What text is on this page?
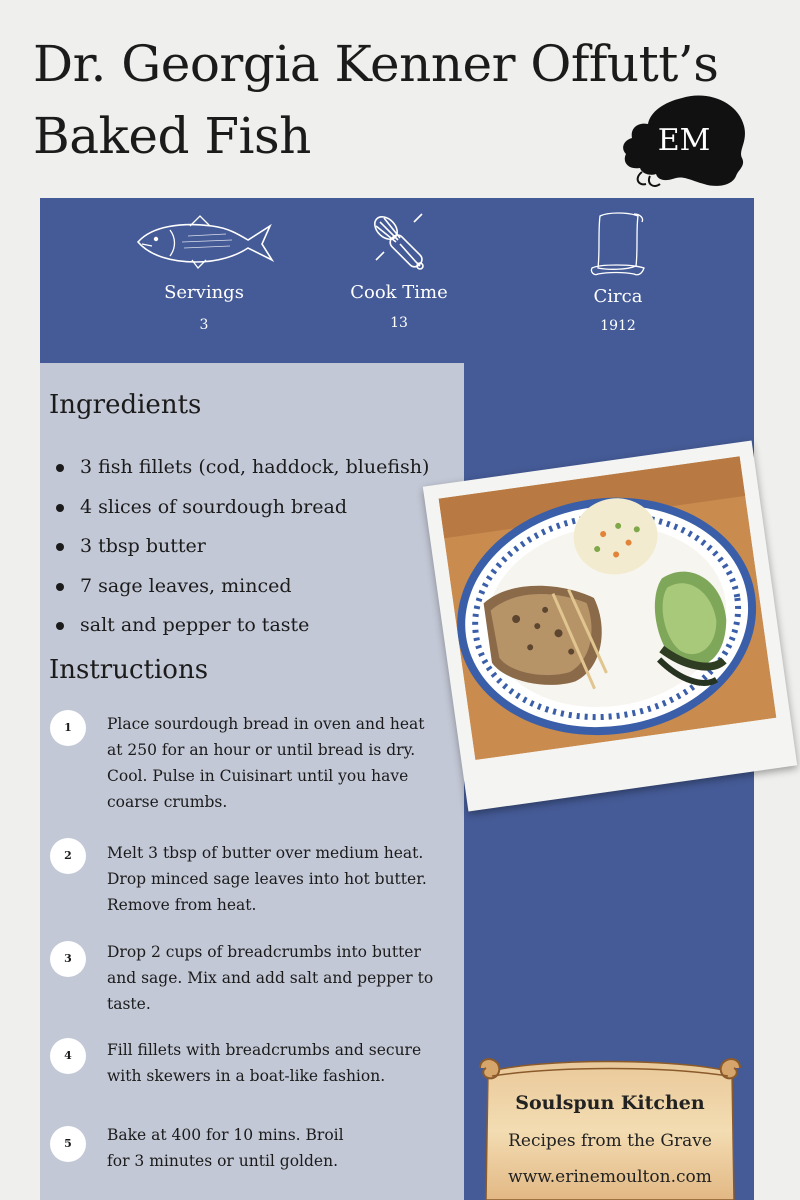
Dr. Georgia Kenner Offutt’s
Baked Fish	EM
Servings
3
Cook Time
13
Circa
1912
Ingredients
3 fish fillets (cod, haddock, bluefish)
4 slices of sourdough bread
3 tbsp butter
7 sage leaves, minced
salt and pepper to taste
Instructions
1	Place sourdough bread in oven and heat at 250 for an hour or until bread is dry. Cool. Pulse in Cuisinart until you have coarse crumbs.
2	Melt 3 tbsp of butter over medium heat. Drop minced sage leaves into hot butter. Remove from heat.
3	Drop 2 cups of breadcrumbs into butter and sage. Mix and add salt and pepper to taste.
4	Fill fillets with breadcrumbs and secure with skewers in a boat-like fashion.
5	Bake at 400 for 10 mins. Broil for 3 minutes or until golden.
Soulspun Kitchen
Recipes from the Grave
www.erinemoulton.com
